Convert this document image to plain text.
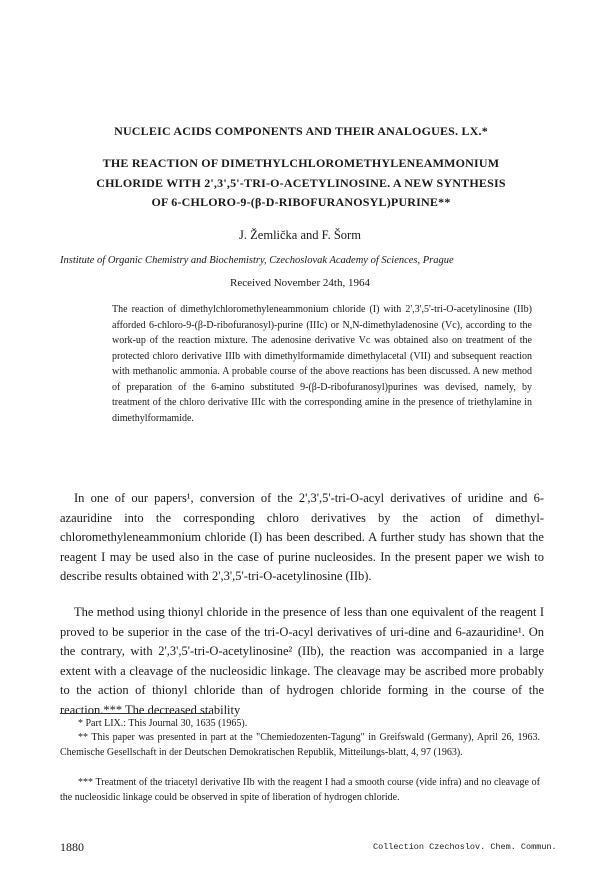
NUCLEIC ACIDS COMPONENTS AND THEIR ANALOGUES. LX.*
THE REACTION OF DIMETHYLCHLOROMETHYLENEAMMONIUM
CHLORIDE WITH 2',3',5'-TRI-O-ACETYLINOSINE. A NEW SYNTHESIS
OF 6-CHLORO-9-(β-D-RIBOFURANOSYL)PURINE**
J. Žemlička and F. Šorm
Institute of Organic Chemistry and Biochemistry, Czechoslovak Academy of Sciences, Prague
Received November 24th, 1964

The reaction of dimethylchloromethyleneammonium chloride (I) with 2',3',5'-tri-O-acetylinosine (IIb) afforded 6-chloro-9-(β-D-ribofuranosyl)-purine (IIIc) or N,N-dimethyladenosine (Vc), according to the work-up of the reaction mixture. The adenosine derivative Vc was obtained also on treatment of the protected chloro derivative IIIb with dimethylformamide dimethylacetal (VII) and subsequent reaction with methanolic ammonia. A probable course of the above reactions has been discussed. A new method of preparation of the 6-amino substituted 9-(β-D-ribofuranosyl)purines was devised, namely, by treatment of the chloro derivative IIIc with the corresponding amine in the presence of triethylamine in dimethylformamide.

In one of our papers¹, conversion of the 2',3',5'-tri-O-acyl derivatives of uridine and 6-azauridine into the corresponding chloro derivatives by the action of dimethyl-chloromethyleneammonium chloride (I) has been described. A further study has shown that the reagent I may be used also in the case of purine nucleosides. In the present paper we wish to describe results obtained with 2',3',5'-tri-O-acetylinosine (IIb).

The method using thionyl chloride in the presence of less than one equivalent of the reagent I proved to be superior in the case of the tri-O-acyl derivatives of uri-dine and 6-azauridine¹. On the contrary, with 2',3',5'-tri-O-acetylinosine² (IIb), the reaction was accompanied in a large extent with a cleavage of the nucleosidic linkage. The cleavage may be ascribed more probably to the action of thionyl chloride than of hydrogen chloride forming in the course of the reaction.*** The decreased stability

* Part LIX.: This Journal 30, 1635 (1965).

** This paper was presented in part at the "Chemiedozenten-Tagung" in Greifswald (Germany), April 26, 1963. Chemische Gesellschaft in der Deutschen Demokratischen Republik, Mitteilungs-blatt, 4, 97 (1963).

*** Treatment of the triacetyl derivative IIb with the reagent I had a smooth course (vide infra) and no cleavage of the nucleosidic linkage could be observed in spite of liberation of hydrogen chloride.

1880	Collection Czechoslov. Chem. Commun.
